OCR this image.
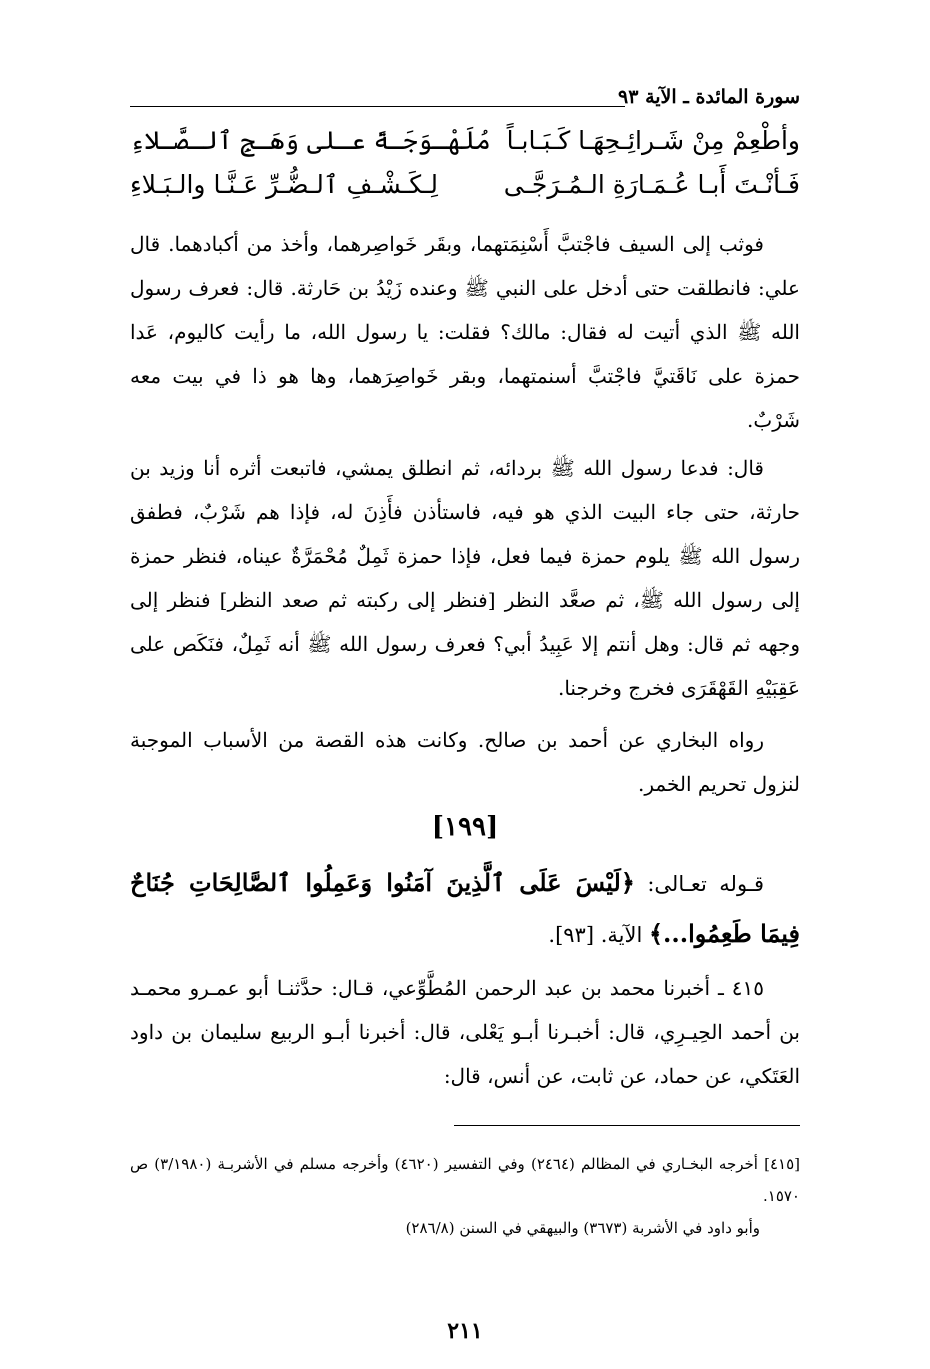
سورة المائدة ـ الآية ٩٣
وأطْعِمْ مِنْ شَـرائِـحِهَـا كَـبَـابـاً
مُلَهْـوَجَـةً عـلى وَهَـجِ ٱلـصَّـلاءِ
فَـأنْـتَ أَبـا عُـمَـارَةِ الـمُـرَجَّـى
لِـكَـشْـفِ ٱلـضُّـرِّ عَـنَّـا والـبَـلاءِ

فوثب إلى السيف فاجْتبَّ أَسْنِمَتهما، وبقَر خَواصِرهما، وأخذ من أكبادهما. قال علي: فانطلقت حتى أدخل على النبي ﷺ وعنده زَيْدُ بن حَارثة. قال: فعرف رسول الله ﷺ الذي أتيت له فقال: مالك؟ فقلت: يا رسول الله، ما رأيت كاليوم، عَدا حمزة على نَاقَتيَّ فاجْتبَّ أسنمتهما، وبقر خَواصِرَهما، وها هو ذا في بيت معه شَرْبٌ.

قال: فدعا رسول الله ﷺ بردائه، ثم انطلق يمشي، فاتبعت أثره أنا وزيد بن حارثة، حتى جاء البيت الذي هو فيه، فاستأذن فأَذِنَ له، فإذا هم شَرْبٌ، فطفق رسول الله ﷺ يلوم حمزة فيما فعل، فإذا حمزة ثَمِلٌ مُحْمَرَّةٌ عيناه، فنظر حمزة إلى رسول الله ﷺ، ثم صعَّد النظر [فنظر إلى ركبته ثم صعد النظر] فنظر إلى وجهه ثم قال: وهل أنتم إلا عَبِيدُ أبي؟ فعرف رسول الله ﷺ أنه ثَمِلٌ، فنَكَص على عَقِبَيْهِ القَهْقَرَى فخرج وخرجنا.

رواه البخاري عن أحمد بن صالح. وكانت هذه القصة من الأسباب الموجبة لنزول تحريم الخمر.

[١٩٩]

قـوله تعـالى: ﴿لَيْسَ عَلَى ٱلَّذِينَ آمَنُوا وَعَمِلُوا ٱلصَّالِحَاتِ جُنَاحٌ فِيمَا طَعِمُوا...﴾ الآية. [٩٣].

٤١٥ ـ أخبرنا محمد بن عبد الرحمن المُطَّوِّعي، قـال: حدَّثنـا أبو عمـرو محمـد بن أحمد الحِيـرِي، قال: أخبـرنا أبـو يَعْلى، قال: أخبرنا أبـو الربيع سليمان بن داود العَتَكي، عن حماد، عن ثابت، عن أنس، قال:

[٤١٥] أخرجه البخـاري في المظالم (٢٤٦٤) وفي التفسير (٤٦٢٠) وأخرجه مسلم في الأشربـة (٣/١٩٨٠) ص ١٥٧٠.

وأبو داود في الأشربة (٣٦٧٣) والبيهقي في السنن (٢٨٦/٨)

٢١١
